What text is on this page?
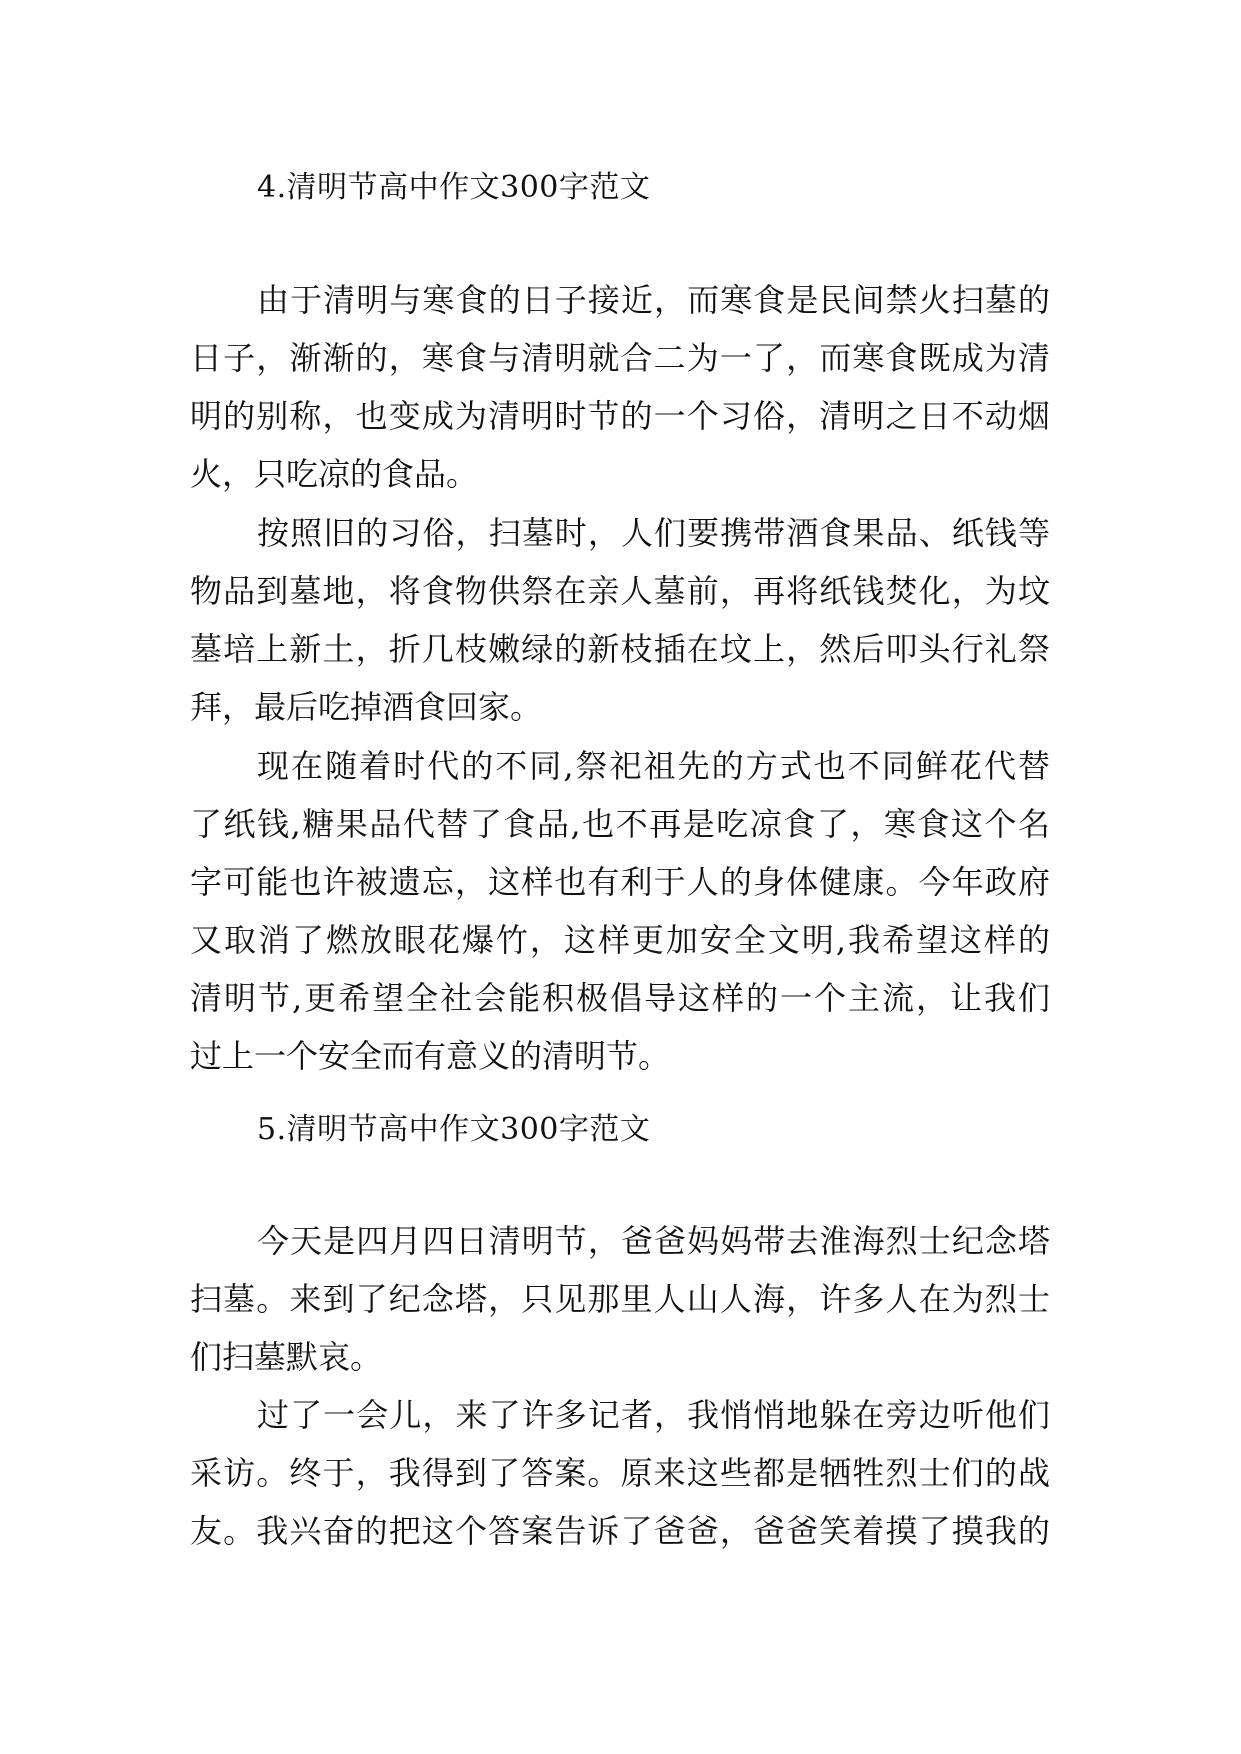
4.清明节高中作文300字范文
由于清明与寒食的日子接近，而寒食是民间禁火扫墓的
日子，渐渐的，寒食与清明就合二为一了，而寒食既成为清
明的别称，也变成为清明时节的一个习俗，清明之日不动烟
火，只吃凉的食品。
按照旧的习俗，扫墓时，人们要携带酒食果品、纸钱等
物品到墓地，将食物供祭在亲人墓前，再将纸钱焚化，为坟
墓培上新土，折几枝嫩绿的新枝插在坟上，然后叩头行礼祭
拜，最后吃掉酒食回家。
现在随着时代的不同,祭祀祖先的方式也不同鲜花代替
了纸钱,糖果品代替了食品,也不再是吃凉食了，寒食这个名
字可能也许被遗忘，这样也有利于人的身体健康。今年政府
又取消了燃放眼花爆竹，这样更加安全文明,我希望这样的
清明节,更希望全社会能积极倡导这样的一个主流，让我们
过上一个安全而有意义的清明节。
5.清明节高中作文300字范文
今天是四月四日清明节，爸爸妈妈带去淮海烈士纪念塔
扫墓。来到了纪念塔，只见那里人山人海，许多人在为烈士
们扫墓默哀。
过了一会儿，来了许多记者，我悄悄地躲在旁边听他们
采访。终于，我得到了答案。原来这些都是牺牲烈士们的战
友。我兴奋的把这个答案告诉了爸爸，爸爸笑着摸了摸我的
